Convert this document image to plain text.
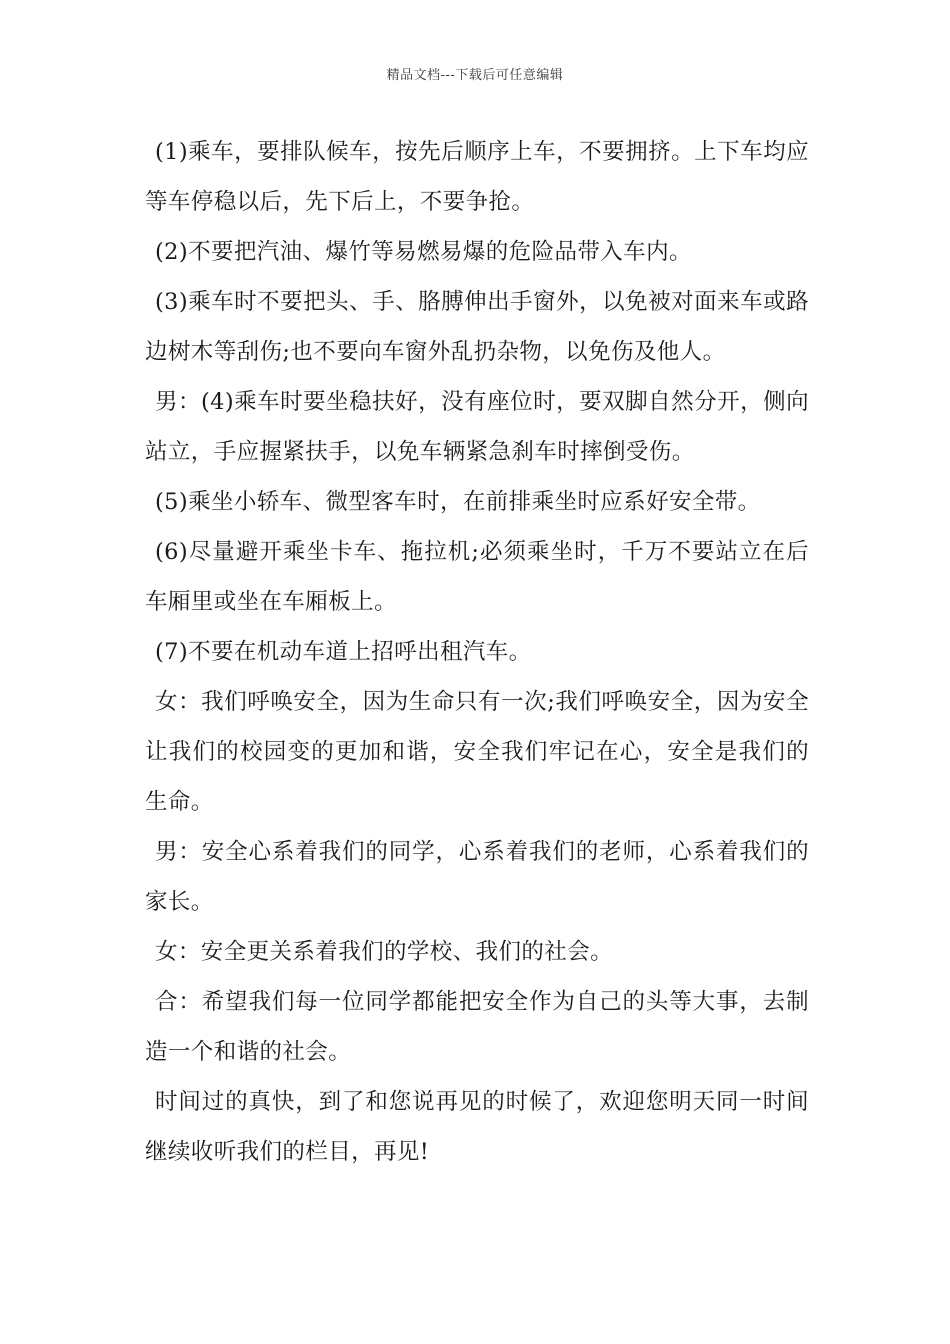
精品文档---下载后可任意编辑

(1)乘车，要排队候车，按先后顺序上车，不要拥挤。上下车均应等车停稳以后，先下后上，不要争抢。

(2)不要把汽油、爆竹等易燃易爆的危险品带入车内。

(3)乘车时不要把头、手、胳膊伸出手窗外，以免被对面来车或路边树木等刮伤;也不要向车窗外乱扔杂物，以免伤及他人。

男：(4)乘车时要坐稳扶好，没有座位时，要双脚自然分开，侧向站立，手应握紧扶手，以免车辆紧急刹车时摔倒受伤。

(5)乘坐小轿车、微型客车时，在前排乘坐时应系好安全带。

(6)尽量避开乘坐卡车、拖拉机;必须乘坐时，千万不要站立在后车厢里或坐在车厢板上。

(7)不要在机动车道上招呼出租汽车。

女：我们呼唤安全，因为生命只有一次;我们呼唤安全，因为安全让我们的校园变的更加和谐，安全我们牢记在心，安全是我们的生命。

男：安全心系着我们的同学，心系着我们的老师，心系着我们的家长。

女：安全更关系着我们的学校、我们的社会。

合：希望我们每一位同学都能把安全作为自己的头等大事，去制造一个和谐的社会。

时间过的真快，到了和您说再见的时候了，欢迎您明天同一时间继续收听我们的栏目，再见!
